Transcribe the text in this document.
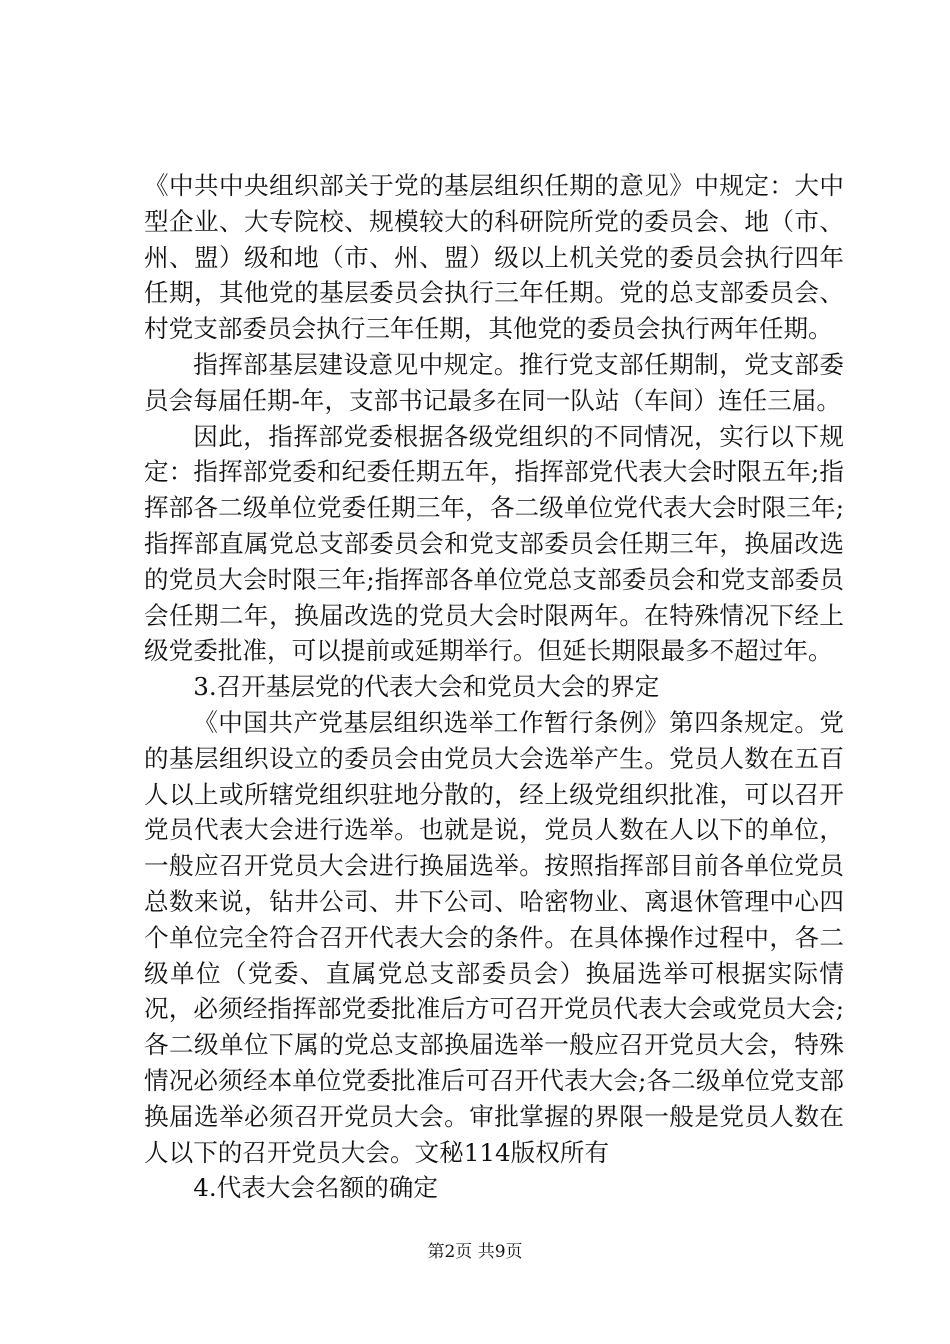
《中共中央组织部关于党的基层组织任期的意见》中规定：大中型企业、大专院校、规模较大的科研院所党的委员会、地（市、州、盟）级和地（市、州、盟）级以上机关党的委员会执行四年任期，其他党的基层委员会执行三年任期。党的总支部委员会、村党支部委员会执行三年任期，其他党的委员会执行两年任期。

指挥部基层建设意见中规定。推行党支部任期制，党支部委员会每届任期-年，支部书记最多在同一队站（车间）连任三届。

因此，指挥部党委根据各级党组织的不同情况，实行以下规定：指挥部党委和纪委任期五年，指挥部党代表大会时限五年;指挥部各二级单位党委任期三年，各二级单位党代表大会时限三年;指挥部直属党总支部委员会和党支部委员会任期三年，换届改选的党员大会时限三年;指挥部各单位党总支部委员会和党支部委员会任期二年，换届改选的党员大会时限两年。在特殊情况下经上级党委批准，可以提前或延期举行。但延长期限最多不超过年。

3.召开基层党的代表大会和党员大会的界定

《中国共产党基层组织选举工作暂行条例》第四条规定。党的基层组织设立的委员会由党员大会选举产生。党员人数在五百人以上或所辖党组织驻地分散的，经上级党组织批准，可以召开党员代表大会进行选举。也就是说，党员人数在人以下的单位，一般应召开党员大会进行换届选举。按照指挥部目前各单位党员总数来说，钻井公司、井下公司、哈密物业、离退休管理中心四个单位完全符合召开代表大会的条件。在具体操作过程中，各二级单位（党委、直属党总支部委员会）换届选举可根据实际情况，必须经指挥部党委批准后方可召开党员代表大会或党员大会;各二级单位下属的党总支部换届选举一般应召开党员大会，特殊情况必须经本单位党委批准后可召开代表大会;各二级单位党支部换届选举必须召开党员大会。审批掌握的界限一般是党员人数在人以下的召开党员大会。文秘114版权所有

4.代表大会名额的确定

第2页 共9页
